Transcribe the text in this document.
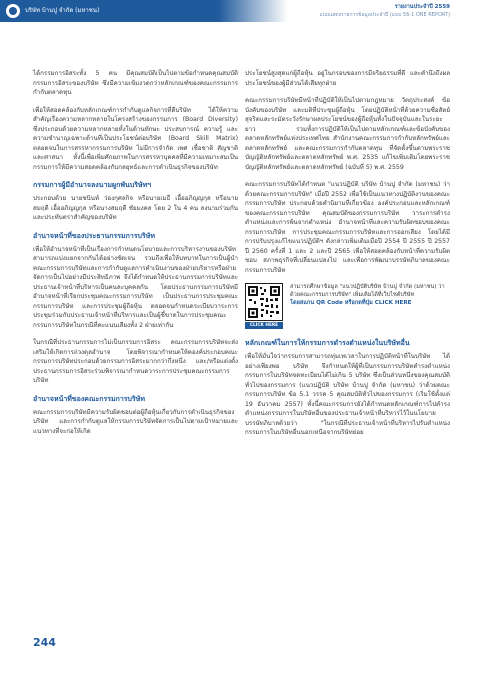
บริษัท บ้านปู จำกัด (มหาชน)	รายงานประจำปี 2559
แบบแสดงรายการข้อมูลประจำปี (แบบ 56-1 ONE REPORT)

ได้กรรมการอิสระทั้ง 5 คน มีคุณสมบัติเป็นไปตามข้อกำหนดคุณสมบัติกรรมการอิสระของบริษัท ซึ่งมีความเข้มงวดกว่าหลักเกณฑ์ของคณะกรรมการกำกับตลาดทุน

เพื่อให้สอดคล้องกับหลักเกณฑ์การกำกับดูแลกิจการที่ดีบริษัท ได้ให้ความสำคัญเรื่องความหลากหลายในโครงสร้างของกรรมการ (Board Diversity) ซึ่งประกอบด้วยความหลากหลายทั้งในด้านทักษะ ประสบการณ์ ความรู้ และความชำนาญเฉพาะด้านที่เป็นประโยชน์ต่อบริษัท (Board Skill Matrix) ตลอดจนในการสรรหากรรมการบริษัท ไม่มีการจำกัด เพศ เชื้อชาติ สัญชาติ และศาสนา ทั้งนี้เพื่อเพิ่มศักยภาพในการสรรหาบุคคลที่มีความเหมาะสมเป็นกรรมการให้มีความสอดคล้องกับกลยุทธ์และการดำเนินธุรกิจของบริษัท

กรรมการผู้มีอำนาจลงนามผูกพันบริษัทฯ

ประกอบด้วย นายชนินท์ ว่องกุศลกิจ หรือนายเมธี เอื้ออภิญญกุล หรือนายสมฤดี เอื้ออภิญญกุล หรือนางสมฤดี ชัยมงคล โดย 2 ใน 4 คน ลงนามร่วมกันและประทับตราสำคัญของบริษัท

อำนาจหน้าที่ของประธานกรรมการบริษัท

เพื่อให้อำนาจหน้าที่เป็นเรื่องการกำหนดนโยบายและการบริหารงานของบริษัท สามารถแบ่งแยกจากกันได้อย่างชัดเจน รวมถึงเพื่อให้บทบาทในการเป็นผู้นำคณะกรรมการบริษัทและการกำกับดูแลการดำเนินงานของฝ่ายบริหารหรือฝ่ายจัดการเป็นไปอย่างมีประสิทธิภาพ จึงได้กำหนดให้ประธานกรรมการบริษัทและประธานเจ้าหน้าที่บริหารเป็นคนละบุคคลกัน โดยประธานกรรมการบริษัทมีอำนาจหน้าที่เรียกประชุมคณะกรรมการบริษัท เป็นประธานการประชุมคณะกรรมการบริษัท และการประชุมผู้ถือหุ้น ตลอดจนกำหนดระเบียบวาระการประชุมร่วมกับประธานเจ้าหน้าที่บริหารและเป็นผู้ชี้ขาดในการประชุมคณะกรรมการบริษัทในกรณีที่คะแนนเสียงทั้ง 2 ฝ่ายเท่ากัน

ในกรณีที่ประธานกรรมการไม่เป็นกรรมการอิสระ คณะกรรมการบริษัทจะส่งเสริมให้เกิดการถ่วงดุลอำนาจ โดยพิจารณากำหนดให้คองค์ประกอบคณะกรรมการบริษัทประกอบด้วยกรรมการอิสระมากกว่ากึ่งหนึ่ง และ/หรือแต่งตั้งประธานกรรมการอิสระร่วมพิจารณากำหนดวาระการประชุมคณะกรรมการบริษัท

อำนาจหน้าที่ของคณะกรรมการบริษัท

คณะกรรมการบริษัทมีความรับผิดชอบต่อผู้ถือหุ้นเกี่ยวกับการดำเนินธุรกิจของบริษัท และการกำกับดูแลให้กรรมการบริษัทจัดการเป็นไปตามเป้าหมายและแนวทางที่จะก่อให้เกิด

ประโยชน์สูงสุดแก่ผู้ถือหุ้น อยู่ในกรอบของการมีจริยธรรมที่ดี และคำนึงถึงผลประโยชน์ของผู้มีส่วนได้เสียทุกฝ่าย

คณะกรรมการบริษัทมีหน้าที่ปฏิบัติให้เป็นไปตามกฎหมาย วัตถุประสงค์ ข้อบังคับของบริษัท และมติที่ประชุมผู้ถือหุ้น โดยปฏิบัติหน้าที่ด้วยความซื่อสัตย์สุจริตและระมัดระวังรักษาผลประโยชน์ของผู้ถือหุ้นทั้งในปัจจุบันและในระยะยาว รวมทั้งการปฏิบัติให้เป็นไปตามหลักเกณฑ์และข้อบังคับของตลาดหลักทรัพย์แห่งประเทศไทย สำนักงานคณะกรรมการกำกับหลักทรัพย์และตลาดหลักทรัพย์ และคณะกรรมการกำกับตลาดทุน ที่จัดตั้งขึ้นตามพระราชบัญญัติหลักทรัพย์และตลาดหลักทรัพย์ พ.ศ. 2535 แก้ไขเพิ่มเติมโดยพระราชบัญญัติหลักทรัพย์และตลาดหลักทรัพย์ (ฉบับที่ 5) พ.ศ. 2559

คณะกรรมการบริษัทได้กำหนด "แนวปฏิบัติ บริษัท บ้านปู จำกัด (มหาชน) ว่าด้วยคณะกรรมการบริษัท" เมื่อปี 2552 เพื่อใช้เป็นแนวทางปฏิบัติงานของคณะกรรมการบริษัท ประกอบด้วยคำนิยามที่เกี่ยวข้อง องค์ประกอบและหลักเกณฑ์ของคณะกรรมการบริษัท คุณสมบัติของกรรมการบริษัท วาระการดำรงตำแหน่งและการพ้นจากตำแหน่ง อำนาจหน้าที่และความรับผิดชอบของคณะกรรมการบริษัท การประชุมคณะกรรมการบริษัทและการออกเสียง โดยได้มีการปรับปรุงแก้ไขแนวปฏิบัติฯ ดังกล่าวเพิ่มเติมเมื่อปี 2554 ปี 2555 ปี 2557 ปี 2560 ครั้งที่ 1 และ 2 และปี 2565 เพื่อให้สอดคล้องกับหน้าที่ความรับผิดชอบ สภาพธุรกิจที่เปลี่ยนแปลงไป และเพื่อการพัฒนาบรรษัทภิบาลของคณะกรรมการบริษัท

CLICK HERE
สามารถศึกษาข้อมูล "แนวปฏิบัติบริษัท บ้านปู จำกัด (มหาชน) ว่าด้วยคณะกรรมการบริษัท" เพิ่มเติมได้ที่เว็บไซต์บริษัท
โดยสแกน QR Code หรือกดที่ปุ่ม CLICK HERE
หลักเกณฑ์ในการให้กรรมการดำรงตำแหน่งในบริษัทอื่น

เพื่อให้มั่นใจว่ากรรมการสามารถทุ่มเทเวลาในการปฏิบัติหน้าที่ในบริษัท ได้อย่างเพียงพอ บริษัท จึงกำหนดให้ผู้ที่เป็นกรรมการบริษัทดำรงตำแหน่งกรรมการในบริษัทจดทะเบียนได้ไม่เกิน 5 บริษัท ซึ่งเป็นส่วนหนึ่งของคุณสมบัติทั่วไปของกรรมการ (แนวปฏิบัติ บริษัท บ้านปู จำกัด (มหาชน) ว่าด้วยคณะกรรมการบริษัท ข้อ 5.1 วรรค 5 คุณสมบัติทั่วไปของกรรมการ (เริ่มใช้ตั้งแต่ 19 ธันวาคม 2557) ทั้งนี้คณะกรรมการยังได้กำหนดหลักเกณฑ์การไปดำรงตำแหน่งกรรมการในบริษัทอื่นของประธานเจ้าหน้าที่บริหารไว้ในนโยบายบรรษัทภิบาลด้วยว่า "ในกรณีที่ประธานเจ้าหน้าที่บริหารไปรับตำแหน่งกรรมการในบริษัทอื่นนอกเหนือจากบริษัทย่อย

244
